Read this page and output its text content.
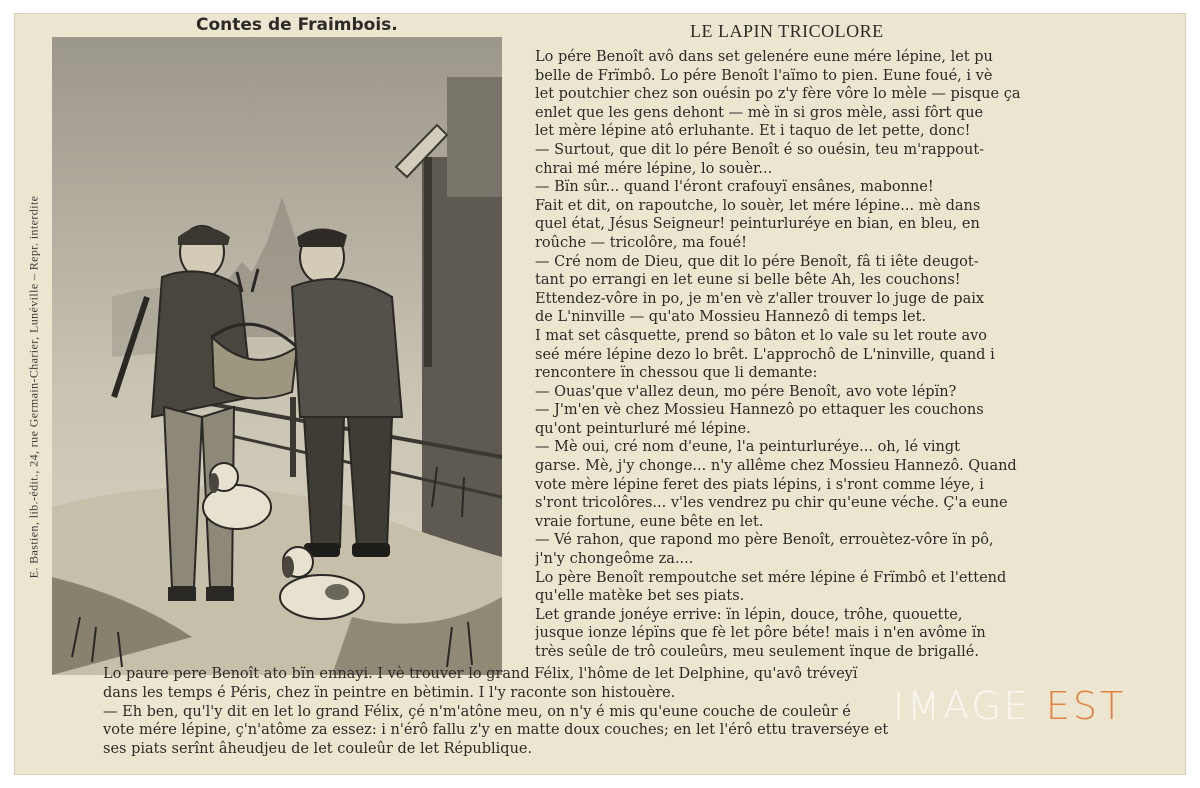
E. Bastien, lib.-édit., 24, rue Germain-Charier, Lunéville – Repr. interdite
Contes de Fraimbois.	LE LAPIN TRICOLORE
Lo pére Benoît avô dans set gelenére eune mére lépine, let pu
belle de Frïmbô. Lo pére Benoît l'aïmo to pien. Eune foué, i vè
let poutchier chez son ouésin po z'y fère vôre lo mèle — pisque ça
enlet que les gens dehont — mè ïn si gros mèle, assi fôrt que
let mère lépine atô erluhante. Et i taquo de let pette, donc!
— Surtout, que dit lo pére Benoît é so ouésin, teu m'rappout-
chrai mé mére lépine, lo souèr...
— Bïn sûr... quand l'éront crafouyï ensânes, mabonne!
Fait et dit, on rapoutche, lo souèr, let mére lépine... mè dans
quel état, Jésus Seigneur! peinturluréye en bian, en bleu, en
roûche — tricolôre, ma foué!
— Cré nom de Dieu, que dit lo pére Benoît, fâ ti iête deugot-
tant po errangi en let eune si belle bête Ah, les couchons!
Ettendez-vôre in po, je m'en vè z'aller trouver lo juge de paix
de L'ninville — qu'ato Mossieu Hannezô di temps let.
I mat set câsquette, prend so bâton et lo vale su let route avo
seé mére lépine dezo lo brêt. L'approchô de L'ninville, quand i
rencontere ïn chessou que li demante:
— Ouas'que v'allez deun, mo pére Benoît, avo vote lépïn?
— J'm'en vè chez Mossieu Hannezô po ettaquer les couchons
qu'ont peinturluré mé lépine.
— Mè oui, cré nom d'eune, l'a peinturluréye... oh, lé vingt
garse. Mè, j'y chonge... n'y allême chez Mossieu Hannezô. Quand
vote mère lépine feret des piats lépins, i s'ront comme léye, i
s'ront tricolôres... v'les vendrez pu chir qu'eune véche. Ç'a eune
vraie fortune, eune bête en let.
— Vé rahon, que rapond mo père Benoît, errouètez-vôre ïn pô,
j'n'y chongeôme za....
Lo père Benoît rempoutche set mére lépine é Frïmbô et l'ettend
qu'elle matèke bet ses piats.
Let grande jonéye errive: ïn lépin, douce, trôhe, quouette,
jusque ionze lépïns que fè let pôre béte! mais i n'en avôme ïn
très seûle de trô couleûrs, meu seulement ïnque de brigallé.
Lo paure pere Benoît ato bïn ennayi. I vè trouver lo grand Félix, l'hôme de let Delphine, qu'avô tréveyï
dans les temps é Péris, chez ïn peintre en bètimin. I l'y raconte son histouère.
— Eh ben, qu'l'y dit en let lo grand Félix, çé n'm'atône meu, on n'y é mis qu'eune couche de couleûr é
vote mére lépine, ç'n'atôme za essez: i n'érô fallu z'y en matte doux couches; en let l'érô ettu traverséye et
ses piats serînt âheudjeu de let couleûr de let République.
IMAGE EST
